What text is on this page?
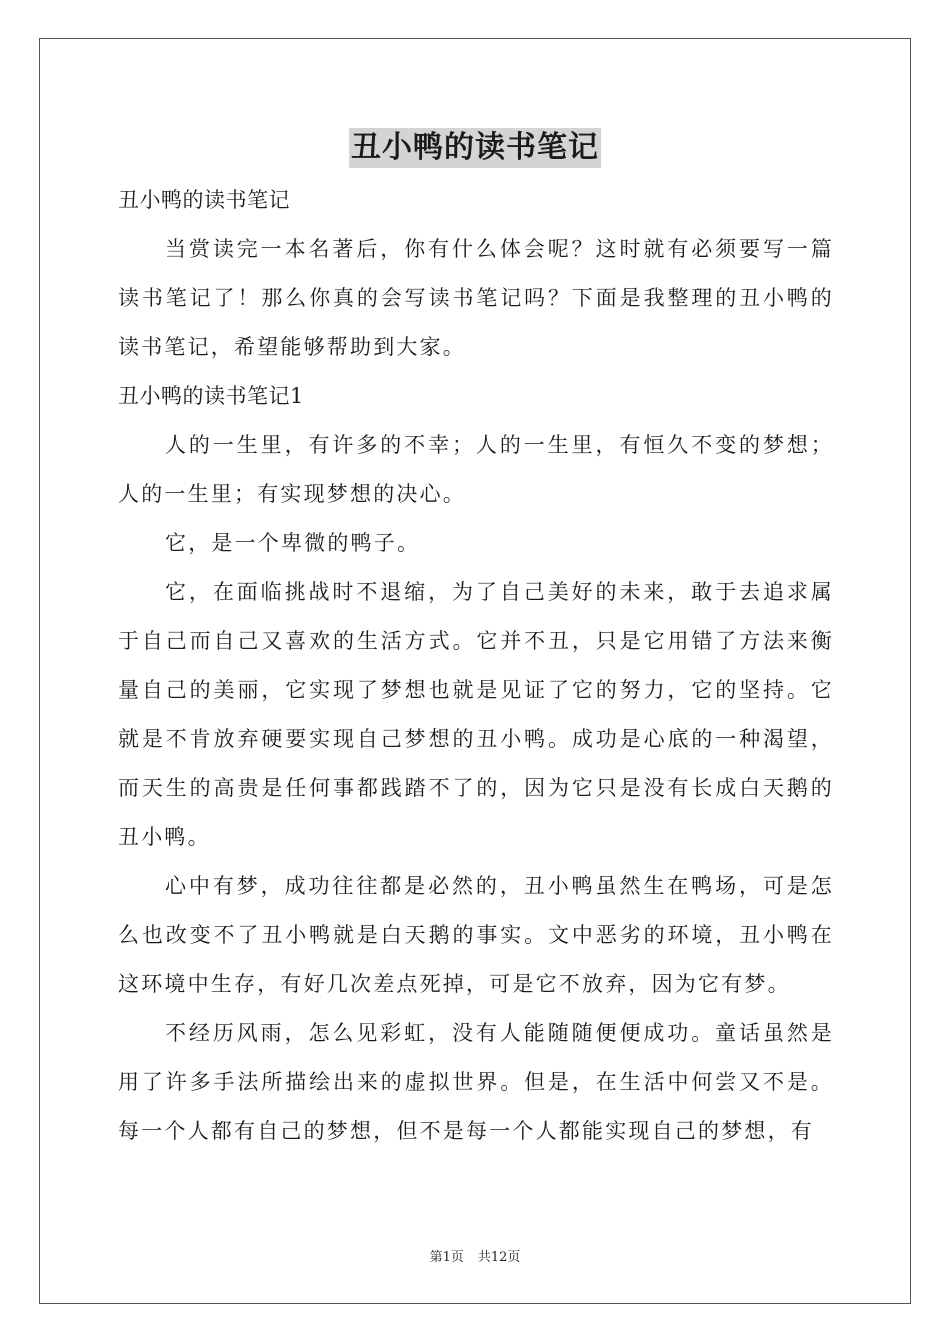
丑小鸭的读书笔记

丑小鸭的读书笔记

当赏读完一本名著后，你有什么体会呢？这时就有必须要写一篇读书笔记了！那么你真的会写读书笔记吗？下面是我整理的丑小鸭的读书笔记，希望能够帮助到大家。

丑小鸭的读书笔记1

人的一生里，有许多的不幸；人的一生里，有恒久不变的梦想；人的一生里；有实现梦想的决心。

它，是一个卑微的鸭子。

它，在面临挑战时不退缩，为了自己美好的未来，敢于去追求属于自己而自己又喜欢的生活方式。它并不丑，只是它用错了方法来衡量自己的美丽，它实现了梦想也就是见证了它的努力，它的坚持。它就是不肯放弃硬要实现自己梦想的丑小鸭。成功是心底的一种渴望，而天生的高贵是任何事都践踏不了的，因为它只是没有长成白天鹅的丑小鸭。

心中有梦，成功往往都是必然的，丑小鸭虽然生在鸭场，可是怎么也改变不了丑小鸭就是白天鹅的事实。文中恶劣的环境，丑小鸭在这环境中生存，有好几次差点死掉，可是它不放弃，因为它有梦。

不经历风雨，怎么见彩虹，没有人能随随便便成功。童话虽然是用了许多手法所描绘出来的虚拟世界。但是，在生活中何尝又不是。每一个人都有自己的梦想，但不是每一个人都能实现自己的梦想，有

第1页 共12页
